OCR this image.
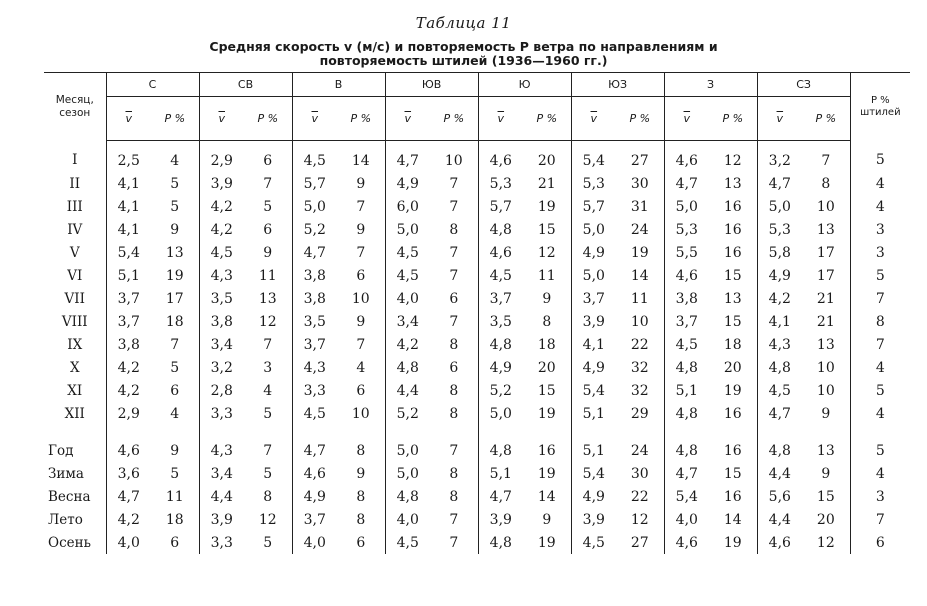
Таблица 11
Средняя скорость v (м/с) и повторяемость P ветра по направлениям и
повторяемость штилей (1936—1960 гг.)
Месяц, сезон	С		СВ		В		ЮВ		Ю		ЮЗ		З		СЗ		P % штилей
	$\overline{v}$	P %	$\overline{v}$	P %	$\overline{v}$	P %	$\overline{v}$	P %	$\overline{v}$	P %	$\overline{v}$	P %	$\overline{v}$	P %	$\overline{v}$	P %	
I	2,5	4	2,9	6	4,5	14	4,7	10	4,6	20	5,4	27	4,6	12	3,2	7	5
II	4,1	5	3,9	7	5,7	9	4,9	7	5,3	21	5,3	30	4,7	13	4,7	8	4
III	4,1	5	4,2	5	5,0	7	6,0	7	5,7	19	5,7	31	5,0	16	5,0	10	4
IV	4,1	9	4,2	6	5,2	9	5,0	8	4,8	15	5,0	24	5,3	16	5,3	13	3
V	5,4	13	4,5	9	4,7	7	4,5	7	4,6	12	4,9	19	5,5	16	5,8	17	3
VI	5,1	19	4,3	11	3,8	6	4,5	7	4,5	11	5,0	14	4,6	15	4,9	17	5
VII	3,7	17	3,5	13	3,8	10	4,0	6	3,7	9	3,7	11	3,8	13	4,2	21	7
VIII	3,7	18	3,8	12	3,5	9	3,4	7	3,5	8	3,9	10	3,7	15	4,1	21	8
IX	3,8	7	3,4	7	3,7	7	4,2	8	4,8	18	4,1	22	4,5	18	4,3	13	7
X	4,2	5	3,2	3	4,3	4	4,8	6	4,9	20	4,9	32	4,8	20	4,8	10	4
XI	4,2	6	2,8	4	3,3	6	4,4	8	5,2	15	5,4	32	5,1	19	4,5	10	5
XII	2,9	4	3,3	5	4,5	10	5,2	8	5,0	19	5,1	29	4,8	16	4,7	9	4

Год	4,6	9	4,3	7	4,7	8	5,0	7	4,8	16	5,1	24	4,8	16	4,8	13	5
Зима	3,6	5	3,4	5	4,6	9	5,0	8	5,1	19	5,4	30	4,7	15	4,4	9	4
Весна	4,7	11	4,4	8	4,9	8	4,8	8	4,7	14	4,9	22	5,4	16	5,6	15	3
Лето	4,2	18	3,9	12	3,7	8	4,0	7	3,9	9	3,9	12	4,0	14	4,4	20	7
Осень	4,0	6	3,3	5	4,0	6	4,5	7	4,8	19	4,5	27	4,6	19	4,6	12	6
